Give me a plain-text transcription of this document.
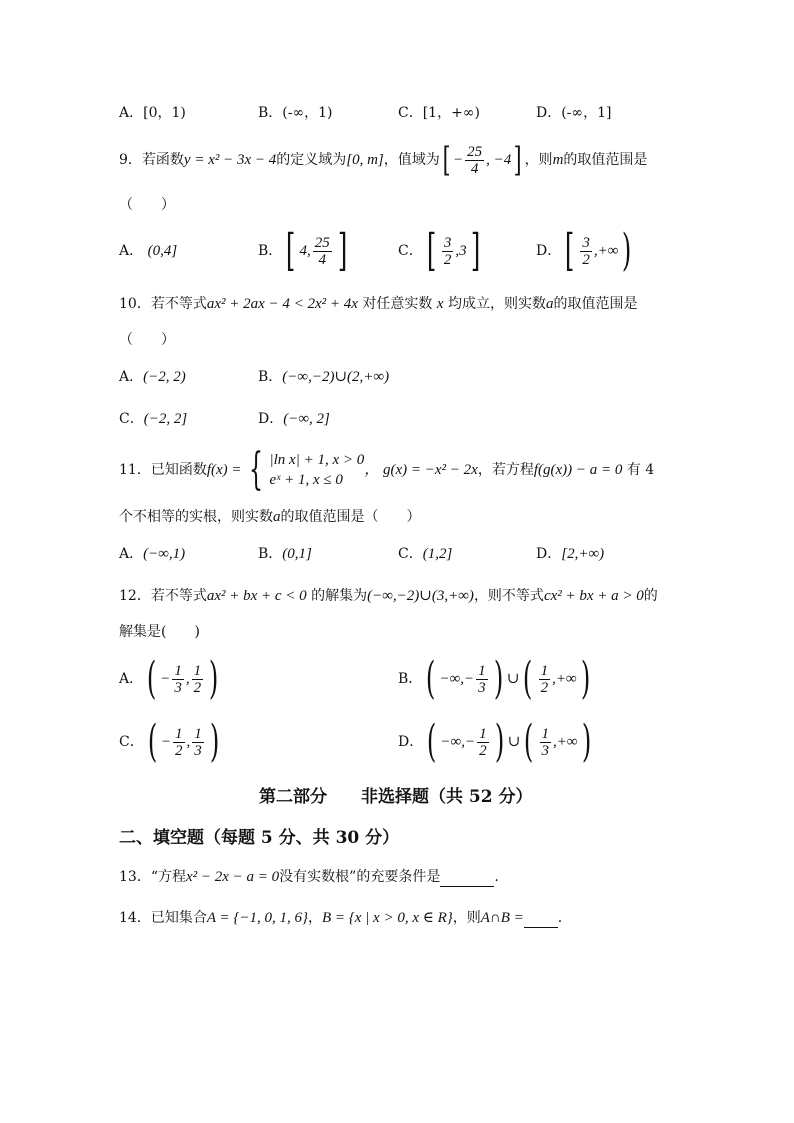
A．[0，1)	B．(-∞，1)	C．[1，+∞)	D．(-∞，1]
9．若函数y = x² − 3x − 4的定义域为[0, m]，值域为[ − $\frac{25}{4}$ , −4] ，则m的取值范围是
（　　）
A． (0,4]	B．[ 4, $\frac{25}{4}$ ]	C．[ $\frac{3}{2} ,3$]	D．[ $\frac{3}{2}$ ,+∞)
10．若不等式ax² + 2ax − 4 < 2x² + 4x 对任意实数 x 均成立，则实数a的取值范围是
（　　）
A．(−2, 2)	B．(−∞,−2)∪(2,+∞)
C．(−2, 2]	D．(−∞, 2]
11．已知函数f(x) = { |ln x| + 1, x > 0
eˣ + 1, x ≤ 0
， g(x) = −x² − 2x，若方程f(g(x)) − a = 0 有 4
个不相等的实根，则实数a的取值范围是（　　）
A．(−∞,1)	B．(0,1]	C．(1,2]	D．[2,+∞)
12．若不等式ax² + bx + c < 0 的解集为(−∞,−2)∪(3,+∞)，则不等式cx² + bx + a > 0的
解集是(　　)
A．( − $\frac{1}{3}$ , $\frac{1}{2}$ )	B．( −∞,− $\frac{1}{3}$ ) ∪( $\frac{1}{2}$ ,+∞)
C．( − $\frac{1}{2}$ , $\frac{1}{3}$ )	D．( −∞,− $\frac{1}{2}$ ) ∪( $\frac{1}{3}$ ,+∞)
第二部分　　非选择题（共 52 分）
二、填空题（每题 5 分、共 30 分）
13．“方程x² − 2x − a = 0没有实数根”的充要条件是	.
14．已知集合A = {−1, 0, 1, 6}，B = {x | x > 0, x ∈ R}，则A∩B = .
